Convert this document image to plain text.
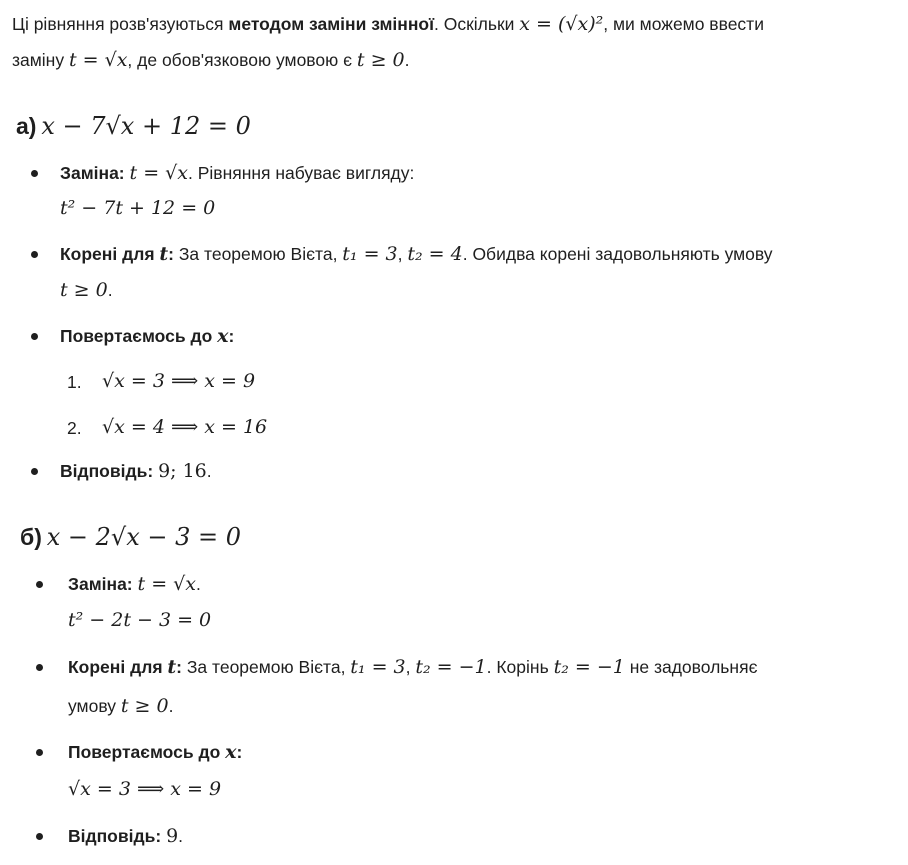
Ці рівняння розв'язуються методом заміни змінної. Оскільки x = (√x)², ми можемо ввести
заміну t = √x, де обов'язковою умовою є t ≥ 0.
а) x − 7√x + 12 = 0
Заміна: t = √x. Рівняння набуває вигляду:
t² − 7t + 12 = 0
Корені для t: За теоремою Вієта, t₁ = 3, t₂ = 4. Обидва корені задовольняють умову
t ≥ 0.
Повертаємось до x:
1. √x = 3 ⟹ x = 9
2. √x = 4 ⟹ x = 16
Відповідь: 9; 16.
б) x − 2√x − 3 = 0
Заміна: t = √x.
t² − 2t − 3 = 0
Корені для t: За теоремою Вієта, t₁ = 3, t₂ = −1. Корінь t₂ = −1 не задовольняє
умову t ≥ 0.
Повертаємось до x:
√x = 3 ⟹ x = 9
Відповідь: 9.
